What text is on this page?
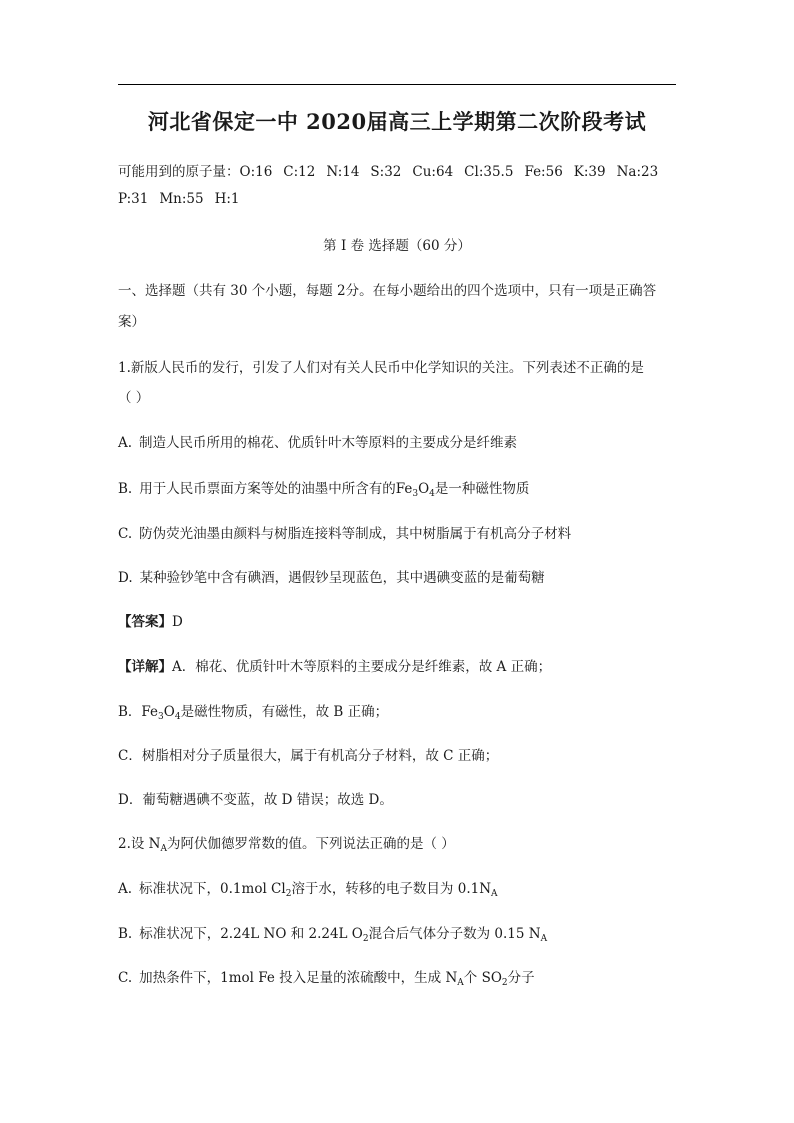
河北省保定一中 2020届高三上学期第二次阶段考试
可能用到的原子量：O:16 C:12 N:14 S:32 Cu:64 Cl:35.5 Fe:56 K:39 Na:23
P:31 Mn:55 H:1
第 I 卷 选择题（60 分）
一、选择题（共有 30 个小题，每题 2分。在每小题给出的四个选项中，只有一项是正确答
案）
1.新版人民币的发行，引发了人们对有关人民币中化学知识的关注。下列表述不正确的是
（ ）
A. 制造人民币所用的棉花、优质针叶木等原料的主要成分是纤维素
B. 用于人民币票面方案等处的油墨中所含有的$Fe_3O_4$是一种磁性物质
C. 防伪荧光油墨由颜料与树脂连接料等制成，其中树脂属于有机高分子材料
D. 某种验钞笔中含有碘酒，遇假钞呈现蓝色，其中遇碘变蓝的是葡萄糖
【答案】D
【详解】A．棉花、优质针叶木等原料的主要成分是纤维素，故 A 正确；
B．$Fe_3O_4$是磁性物质，有磁性，故 B 正确；
C．树脂相对分子质量很大，属于有机高分子材料，故 C 正确；
D．葡萄糖遇碘不变蓝，故 D 错误；故选 D。
2.设 $N_A$为阿伏伽德罗常数的值。下列说法正确的是（ ）
A. 标准状况下，0.1mol $Cl_2$溶于水，转移的电子数目为 $0.1N_A$
B. 标准状况下，2.24L NO 和 2.24L $O_2$混合后气体分子数为 0.15 $N_A$
C. 加热条件下，1mol Fe 投入足量的浓硫酸中，生成 $N_A$个 $SO_2$分子
